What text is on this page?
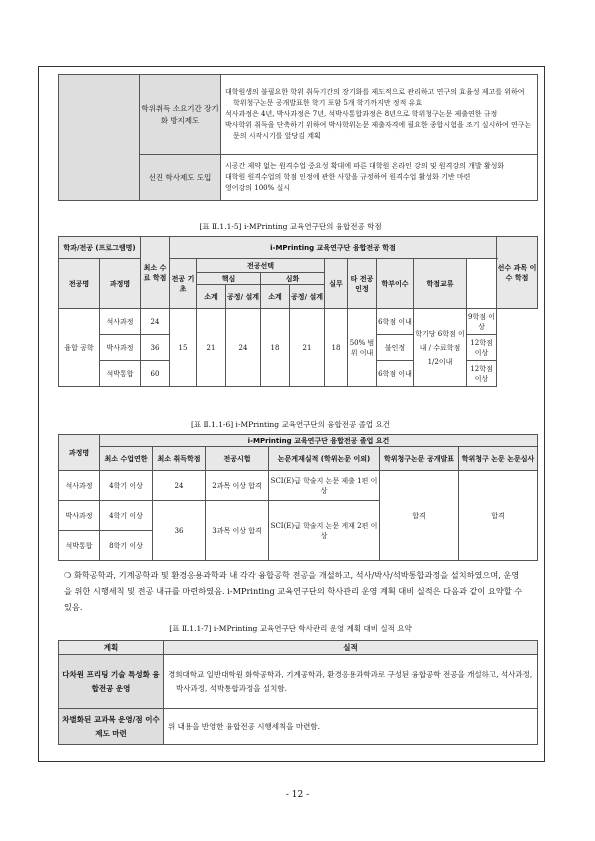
	학위취득 소요기간 장기화 방지제도	대학원생의 불필요한 학위 취득기간의 장기화를 제도적으로 관리하고 연구의 효율성 제고를 위하여 학위청구논문 공개발표한 학기 포함 5개 학기까지만 정적 유효
석사과정은 4년, 박사과정은 7년, 석박사통합과정은 8년으로 학위청구논문 제출연한 규정
박사학위 취득을 단축하기 위하여 박사학위논문 제출자격에 필요한 종합시험을 조기 실시하여 연구논문의 시작시기를 앞당김 계획

	선진 학사제도 도입	시공간 제약 없는 원격수업 중요성 확대에 따른 대학원 온라인 강의 및 원격강의 개발 활성화
대학원 원격수업의 학점 인정에 관한 사항을 규정하여 원격수업 활성화 기반 마련
영어강의 100% 실시
[표 Ⅱ.1.1-5] i-MPrinting 교육연구단의 융합전공 학점
학과/전공 (프로그램명)		최소 수료 학점	i-MPrinting 교육연구단 융합전공 학점										선수 과목 이수 학점
전공명	과정명		전공 기초	전공선택				실무	타 전공 인정	학부이수	학점교류		
				핵심		심화							
				소계	공정/ 설계	소계	공정/ 설계						
융합 공학	석사과정	24	15	21	24	18	21	18	50% 범위 이내	6학점 이내	학기당 6학점 이내 / 수료학점 1/2이내	9학점 이상	
	박사과정	36								불인정		12학점 이상	
	석박통합	60								6학점 이내		12학점 이상	
[표 Ⅱ.1.1-6] i-MPrinting 교육연구단의 융합전공 졸업 요건
과정명	i-MPrinting 교육연구단 융합전공 졸업 요건					
	최소 수업연한	최소 취득학점	전공시험	논문게재실적 (학위논문 이외)	학위청구논문 공개발표	학위청구 논문 논문심사
석사과정	4학기 이상	24	2과목 이상 합격	SCI(E)급 학술지 논문 제출 1편 이상	합격	합격
박사과정	4학기 이상	36	3과목 이상 합격	SCI(E)급 학술지 논문 게재 2편 이상		
석박통합	8학기 이상					
❍ 화학공학과, 기계공학과 및 환경응용과학과 내 각각 융합공학 전공을 개설하고, 석사/박사/석박통합과정을 설치하였으며, 운영을 위한 시행세칙 및 전공 내규를 마련하였음. i-MPrinting 교육연구단의 학사관리 운영 계획 대비 실적은 다음과 같이 요약할 수 있음.
[표 Ⅱ.1.1-7] i-MPrinting 교육연구단 학사관리 운영 계획 대비 실적 요약
계획	실적
다차원 프리팅 기술 특성화 융합전공 운영	경희대학교 일반대학원 화학공학과, 기계공학과, 환경응용과학과로 구성된 융합공학 전공을 개설하고, 석사과정, 박사과정, 석박통합과정을 설치함.

차별화된 교과목 운영/점 이수 제도 마련	위 내용을 반영한 융합전공 시행세칙을 마련함.
- 12 -
